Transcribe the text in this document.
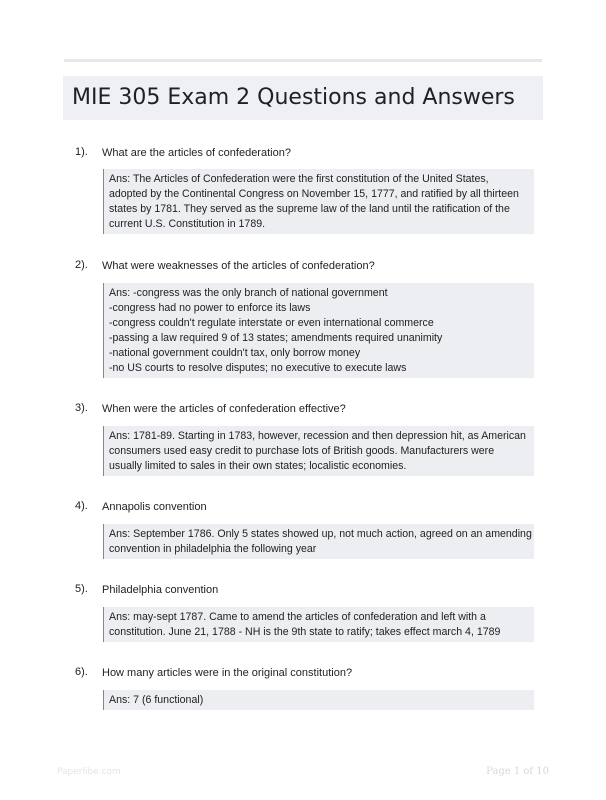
MIE 305 Exam 2 Questions and Answers
1). What are the articles of confederation?
Ans: The Articles of Confederation were the first constitution of the United States,
adopted by the Continental Congress on November 15, 1777, and ratified by all thirteen
states by 1781. They served as the supreme law of the land until the ratification of the
current U.S. Constitution in 1789.
2). What were weaknesses of the articles of confederation?
Ans: -congress was the only branch of national government
-congress had no power to enforce its laws
-congress couldn't regulate interstate or even international commerce
-passing a law required 9 of 13 states; amendments required unanimity
-national government couldn't tax, only borrow money
-no US courts to resolve disputes; no executive to execute laws
3). When were the articles of confederation effective?
Ans: 1781-89. Starting in 1783, however, recession and then depression hit, as American
consumers used easy credit to purchase lots of British goods. Manufacturers were
usually limited to sales in their own states; localistic economies.
4). Annapolis convention
Ans: September 1786. Only 5 states showed up, not much action, agreed on an amending
convention in philadelphia the following year
5). Philadelphia convention
Ans: may-sept 1787. Came to amend the articles of confederation and left with a
constitution. June 21, 1788 - NH is the 9th state to ratify; takes effect march 4, 1789
6). How many articles were in the original constitution?
Ans: 7 (6 functional)
Paperlibe.com	Page 1 of 10
